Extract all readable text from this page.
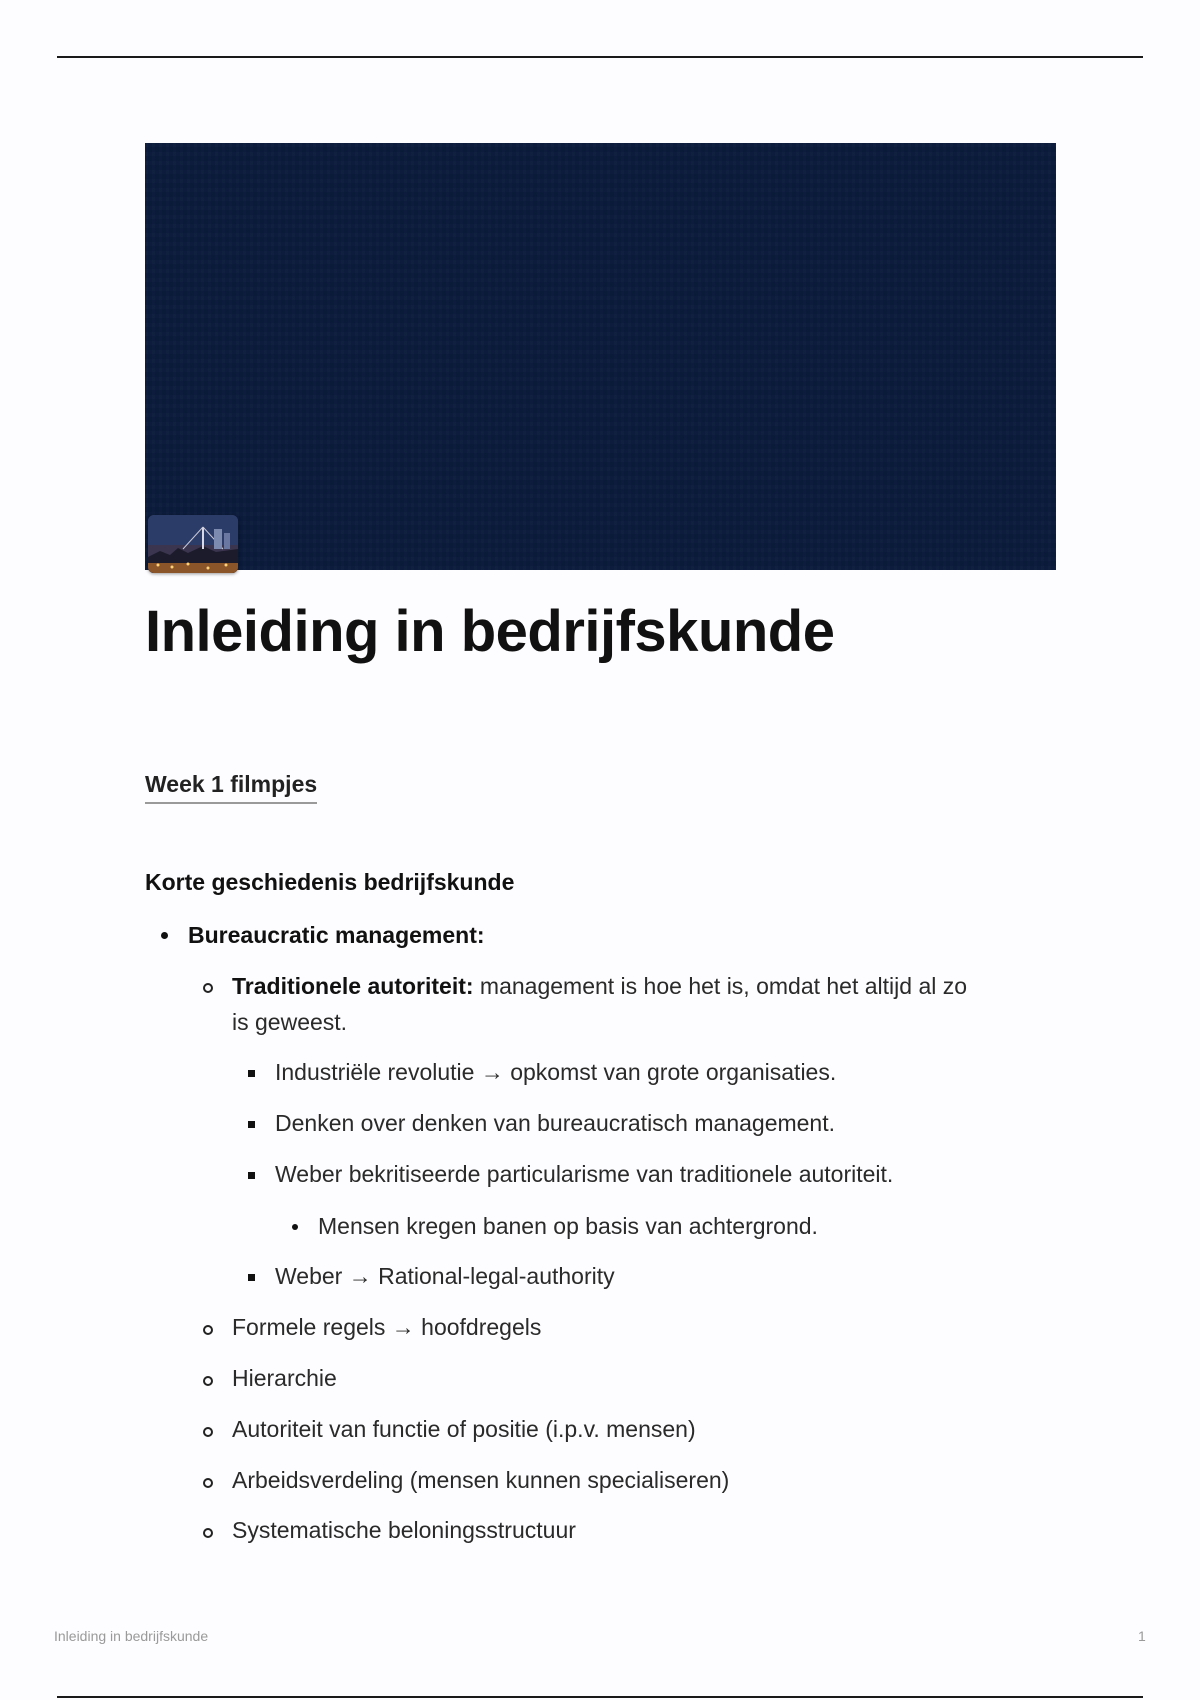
Inleiding in bedrijfskunde
Week 1 filmpjes
Korte geschiedenis bedrijfskunde
Bureaucratic management:
Traditionele autoriteit: management is hoe het is, omdat het altijd al zo
is geweest.
Industriële revolutie → opkomst van grote organisaties.
Denken over denken van bureaucratisch management.
Weber bekritiseerde particularisme van traditionele autoriteit.
Mensen kregen banen op basis van achtergrond.
Weber → Rational-legal-authority
Formele regels → hoofdregels
Hierarchie
Autoriteit van functie of positie (i.p.v. mensen)
Arbeidsverdeling (mensen kunnen specialiseren)
Systematische beloningsstructuur
Inleiding in bedrijfskunde	1
